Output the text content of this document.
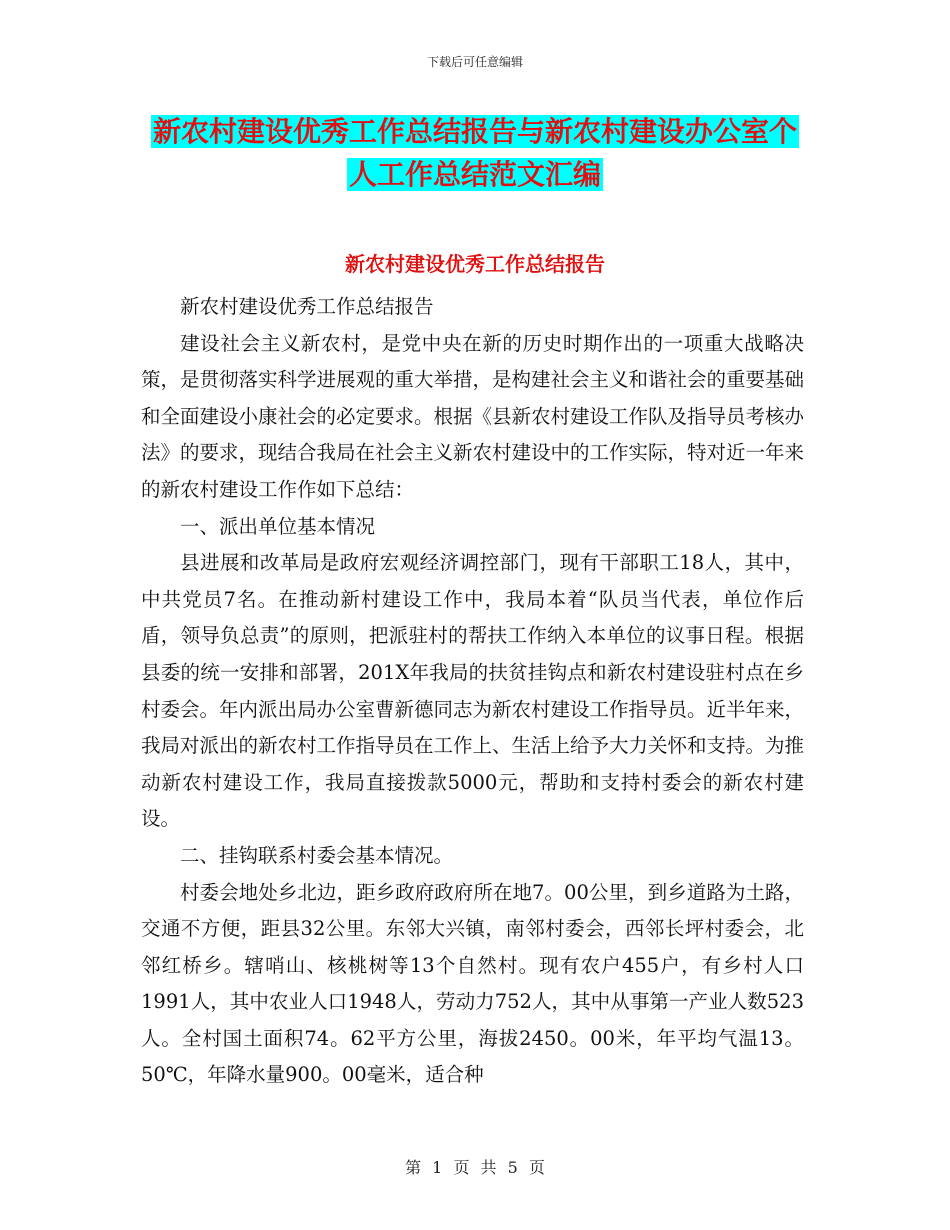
下载后可任意编辑
新农村建设优秀工作总结报告与新农村建设办公室个
人工作总结范文汇编
新农村建设优秀工作总结报告

新农村建设优秀工作总结报告

建设社会主义新农村，是党中央在新的历史时期作出的一项重大战略决策，是贯彻落实科学进展观的重大举措，是构建社会主义和谐社会的重要基础和全面建设小康社会的必定要求。根据《县新农村建设工作队及指导员考核办法》的要求，现结合我局在社会主义新农村建设中的工作实际，特对近一年来的新农村建设工作作如下总结：

一、派出单位基本情况

县进展和改革局是政府宏观经济调控部门，现有干部职工18人，其中，中共党员7名。在推动新村建设工作中，我局本着“队员当代表，单位作后盾，领导负总责”的原则，把派驻村的帮扶工作纳入本单位的议事日程。根据县委的统一安排和部署，201X年我局的扶贫挂钩点和新农村建设驻村点在乡村委会。年内派出局办公室曹新德同志为新农村建设工作指导员。近半年来，我局对派出的新农村工作指导员在工作上、生活上给予大力关怀和支持。为推动新农村建设工作，我局直接拨款5000元，帮助和支持村委会的新农村建设。

二、挂钩联系村委会基本情况。

村委会地处乡北边，距乡政府政府所在地7。00公里，到乡道路为土路，交通不方便，距县32公里。东邻大兴镇，南邻村委会，西邻长坪村委会，北邻红桥乡。辖哨山、核桃树等13个自然村。现有农户455户，有乡村人口1991人，其中农业人口1948人，劳动力752人，其中从事第一产业人数523人。全村国土面积74。62平方公里，海拔2450。00米，年平均气温13。50℃，年降水量900。00毫米，适合种

第 1 页 共 5 页
